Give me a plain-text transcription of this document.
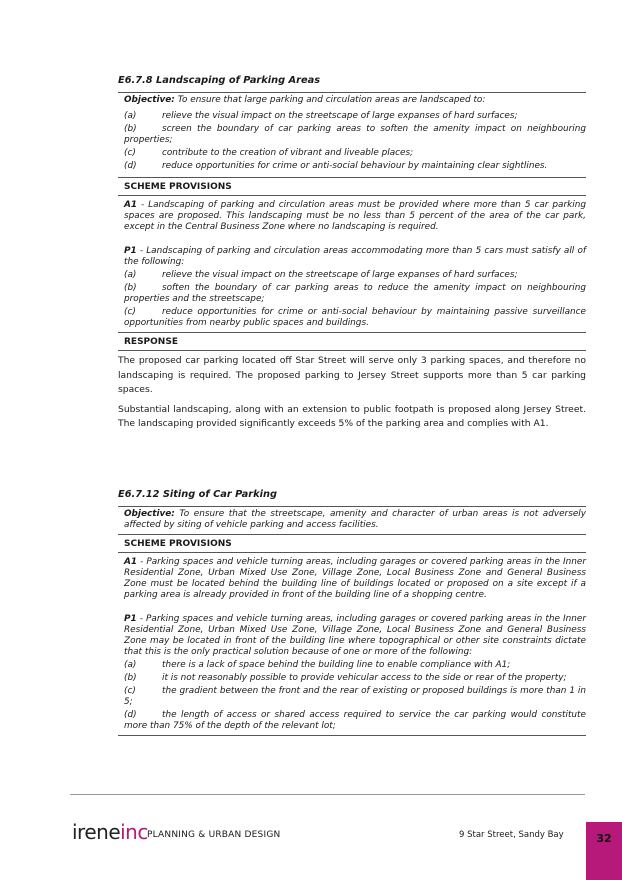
E6.7.8 Landscaping of Parking Areas

Objective: To ensure that large parking and circulation areas are landscaped to:
(a)	relieve the visual impact on the streetscape of large expanses of hard surfaces;
(b)	screen the boundary of car parking areas to soften the amenity impact on neighbouring properties;
(c)	contribute to the creation of vibrant and liveable places;
(d)	reduce opportunities for crime or anti-social behaviour by maintaining clear sightlines.
SCHEME PROVISIONS
A1 - Landscaping of parking and circulation areas must be provided where more than 5 car parking spaces are proposed. This landscaping must be no less than 5 percent of the area of the car park, except in the Central Business Zone where no landscaping is required.
P1 - Landscaping of parking and circulation areas accommodating more than 5 cars must satisfy all of the following:
(a)	relieve the visual impact on the streetscape of large expanses of hard surfaces;
(b)	soften the boundary of car parking areas to reduce the amenity impact on neighbouring properties and the streetscape;
(c)	reduce opportunities for crime or anti-social behaviour by maintaining passive surveillance opportunities from nearby public spaces and buildings.
RESPONSE
The proposed car parking located off Star Street will serve only 3 parking spaces, and therefore no landscaping is required. The proposed parking to Jersey Street supports more than 5 car parking spaces.
Substantial landscaping, along with an extension to public footpath is proposed along Jersey Street. The landscaping provided significantly exceeds 5% of the parking area and complies with A1.

E6.7.12 Siting of Car Parking

Objective: To ensure that the streetscape, amenity and character of urban areas is not adversely affected by siting of vehicle parking and access facilities.
SCHEME PROVISIONS
A1 - Parking spaces and vehicle turning areas, including garages or covered parking areas in the Inner Residential Zone, Urban Mixed Use Zone, Village Zone, Local Business Zone and General Business Zone must be located behind the building line of buildings located or proposed on a site except if a parking area is already provided in front of the building line of a shopping centre.
P1 - Parking spaces and vehicle turning areas, including garages or covered parking areas in the Inner Residential Zone, Urban Mixed Use Zone, Village Zone, Local Business Zone and General Business Zone may be located in front of the building line where topographical or other site constraints dictate that this is the only practical solution because of one or more of the following:
(a)	there is a lack of space behind the building line to enable compliance with A1;
(b)	it is not reasonably possible to provide vehicular access to the side or rear of the property;
(c)	the gradient between the front and the rear of existing or proposed buildings is more than 1 in 5;
(d)	the length of access or shared access required to service the car parking would constitute more than 75% of the depth of the relevant lot;
ireneinc PLANNING & URBAN DESIGN	9 Star Street, Sandy Bay	32
